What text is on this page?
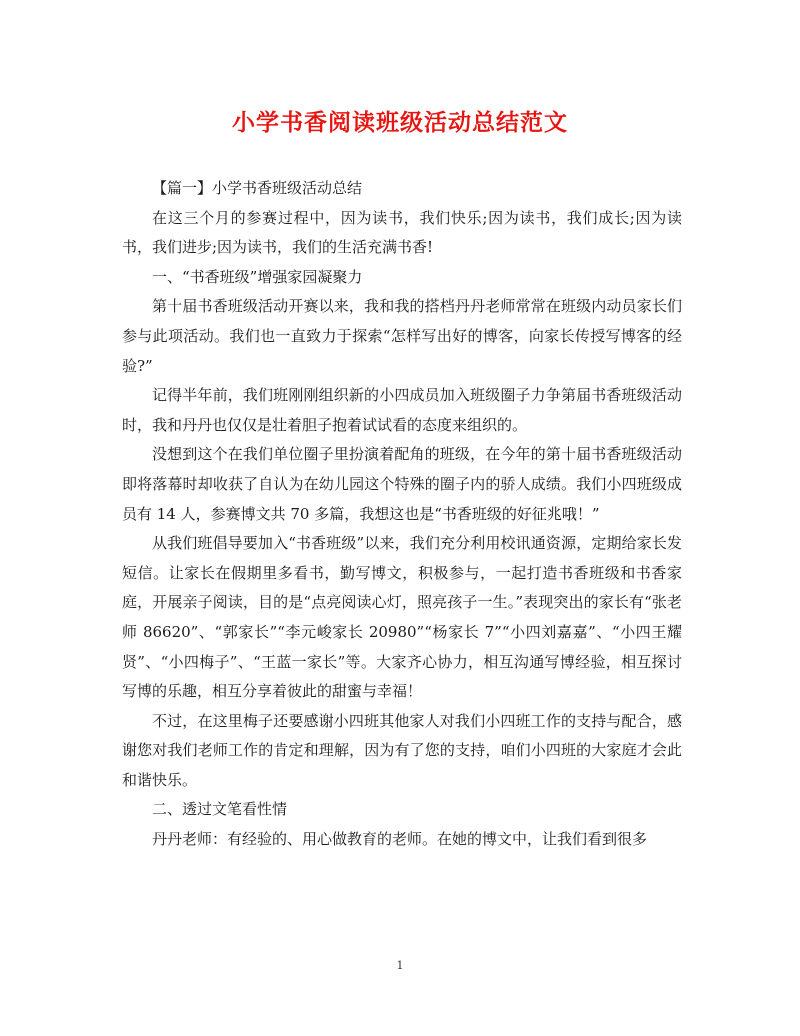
小学书香阅读班级活动总结范文

【篇一】小学书香班级活动总结

在这三个月的参赛过程中，因为读书，我们快乐;因为读书，我们成长;因为读书，我们进步;因为读书，我们的生活充满书香!

一、“书香班级”增强家园凝聚力

第十届书香班级活动开赛以来，我和我的搭档丹丹老师常常在班级内动员家长们参与此项活动。我们也一直致力于探索“怎样写出好的博客，向家长传授写博客的经验?”

记得半年前，我们班刚刚组织新的小四成员加入班级圈子力争第届书香班级活动时，我和丹丹也仅仅是壮着胆子抱着试试看的态度来组织的。

没想到这个在我们单位圈子里扮演着配角的班级，在今年的第十届书香班级活动即将落幕时却收获了自认为在幼儿园这个特殊的圈子内的骄人成绩。我们小四班级成员有 14 人，参赛博文共 70 多篇，我想这也是“书香班级的好征兆哦！”

从我们班倡导要加入“书香班级”以来，我们充分利用校讯通资源，定期给家长发短信。让家长在假期里多看书，勤写博文，积极参与，一起打造书香班级和书香家庭，开展亲子阅读，目的是“点亮阅读心灯，照亮孩子一生。”表现突出的家长有“张老师 86620”、“郭家长”“李元峻家长 20980”“杨家长 7”“小四刘嘉嘉”、“小四王耀贤”、“小四梅子”、“王蓝一家长”等。大家齐心协力，相互沟通写博经验，相互探讨写博的乐趣，相互分享着彼此的甜蜜与幸福！

不过，在这里梅子还要感谢小四班其他家人对我们小四班工作的支持与配合，感谢您对我们老师工作的肯定和理解，因为有了您的支持，咱们小四班的大家庭才会此和谐快乐。

二、透过文笔看性情

丹丹老师：有经验的、用心做教育的老师。在她的博文中，让我们看到很多

1
